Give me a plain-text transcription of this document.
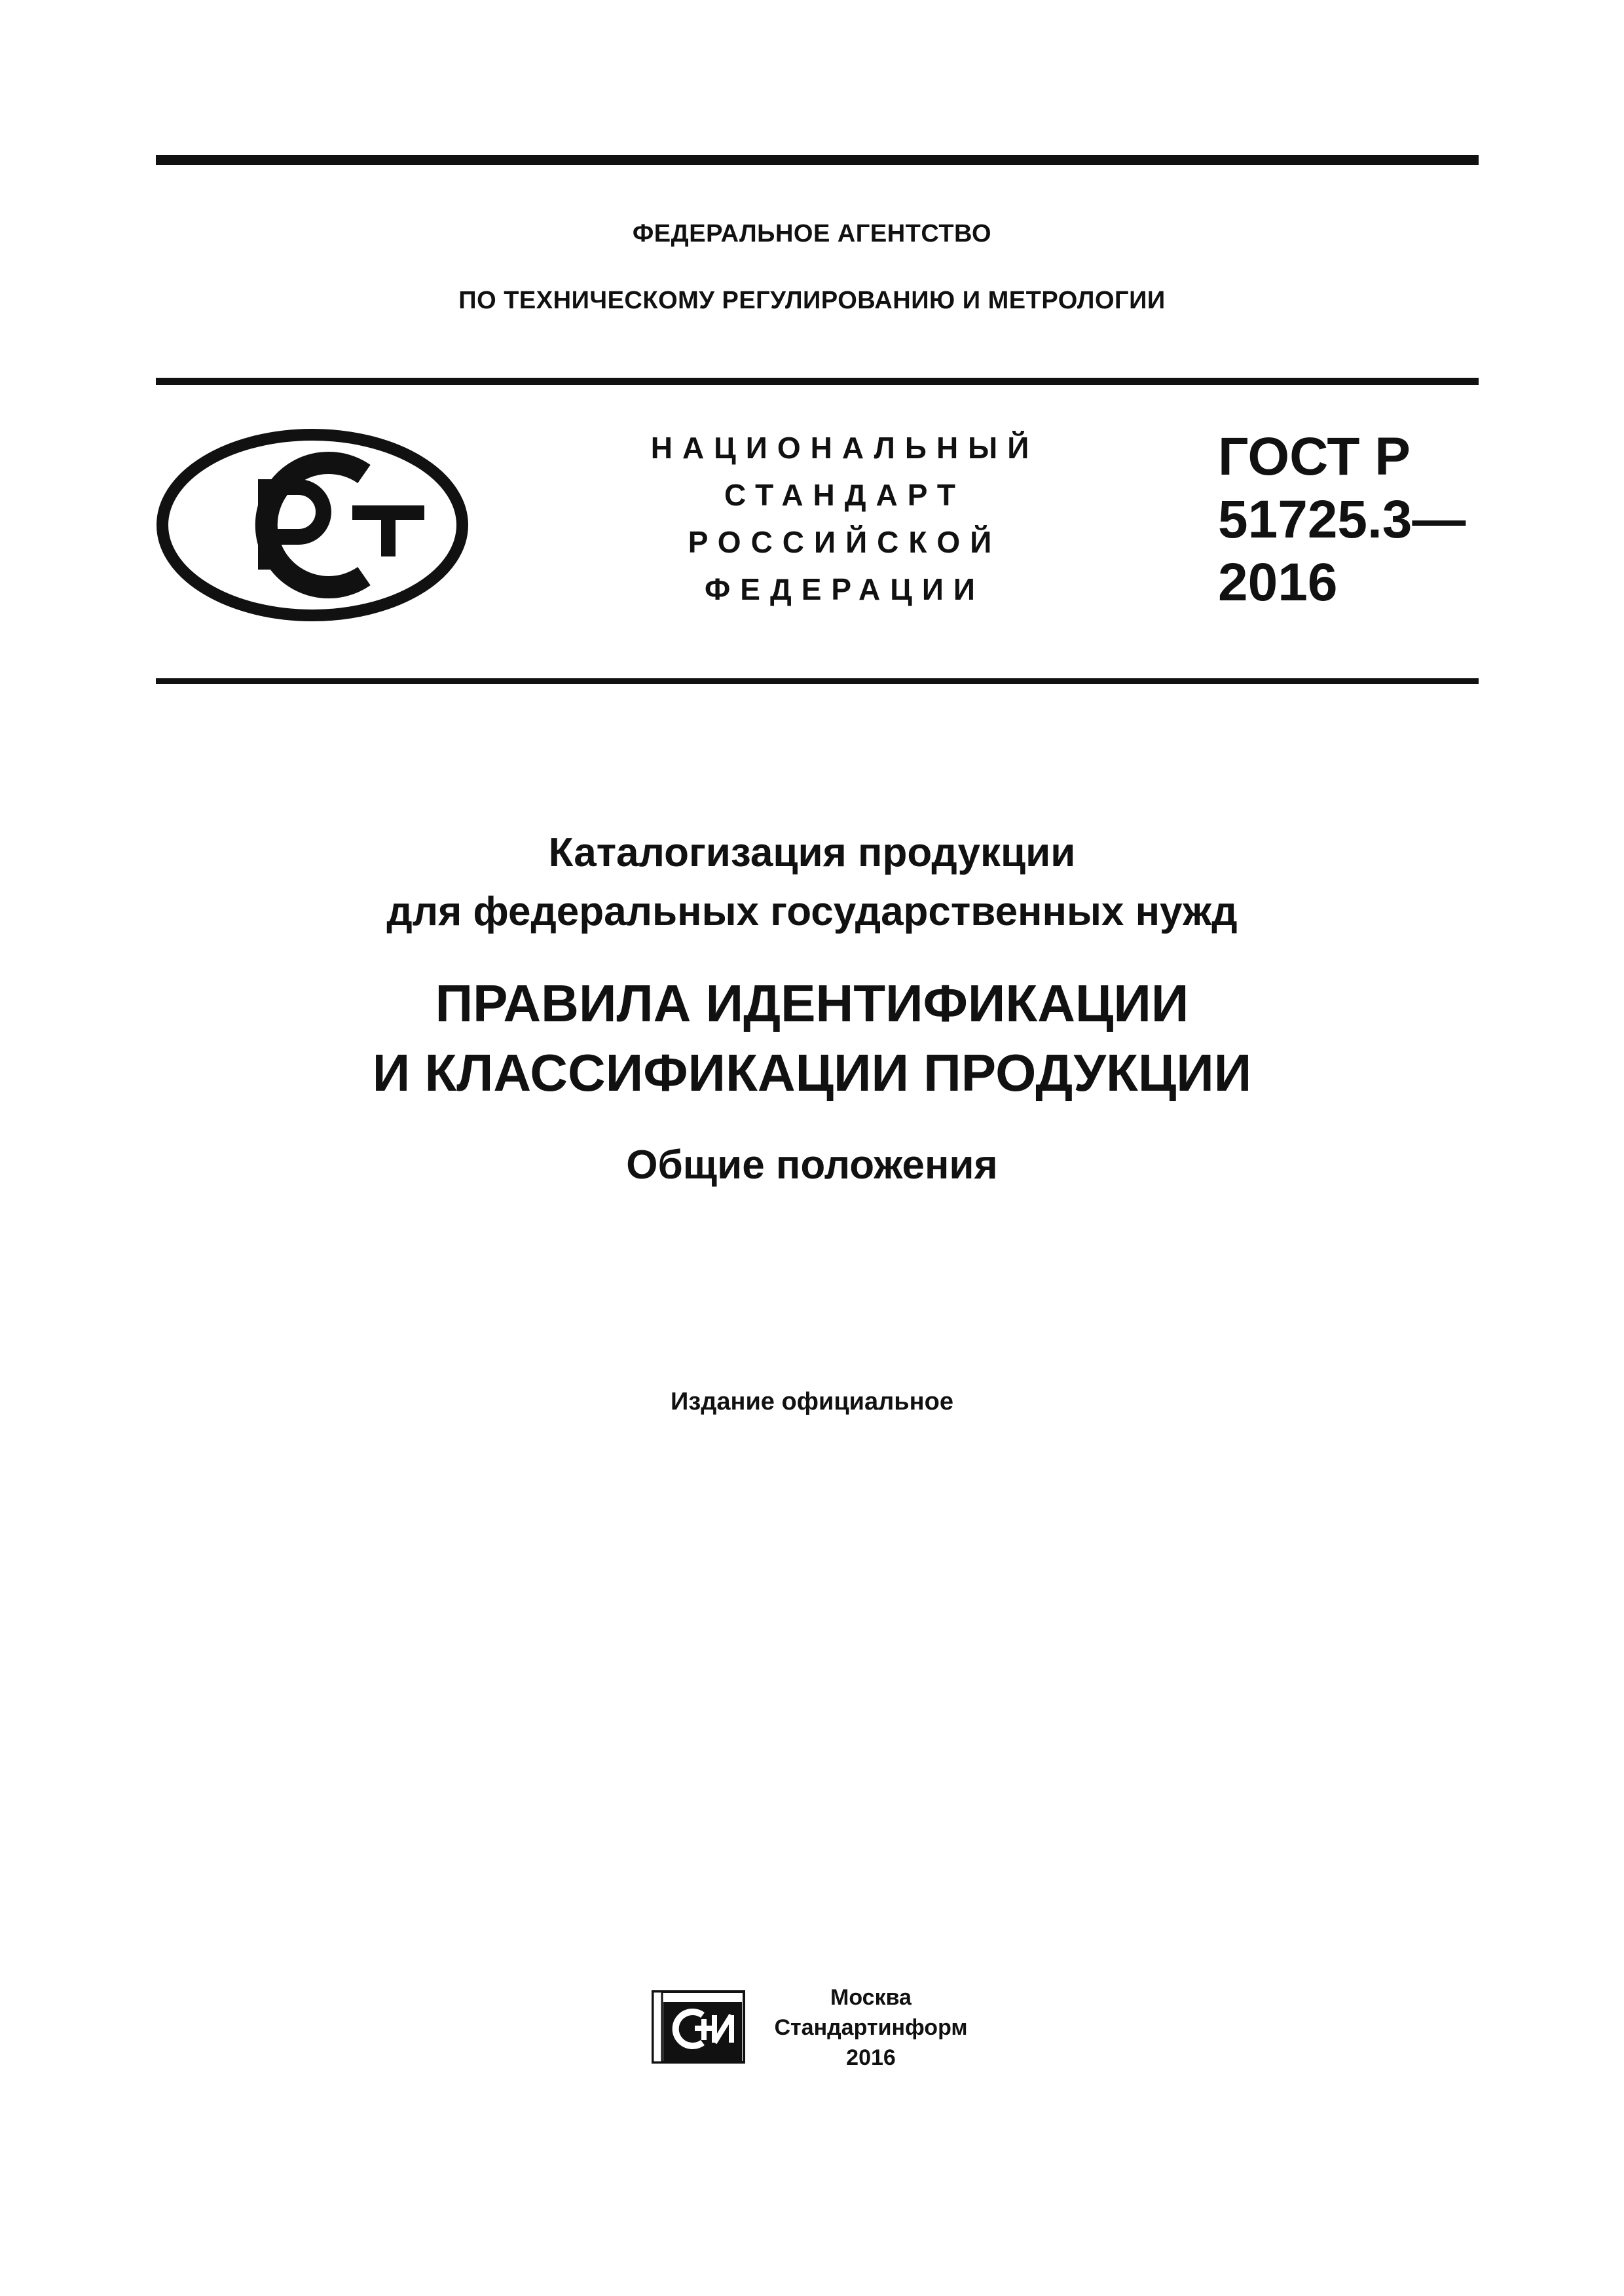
ФЕДЕРАЛЬНОЕ АГЕНТСТВО
ПО ТЕХНИЧЕСКОМУ РЕГУЛИРОВАНИЮ И МЕТРОЛОГИИ
НАЦИОНАЛЬНЫЙ
СТАНДАРТ
РОССИЙСКОЙ
ФЕДЕРАЦИИ
ГОСТ Р
51725.3—
2016
Каталогизация продукции
для федеральных государственных нужд
ПРАВИЛА ИДЕНТИФИКАЦИИ
И КЛАССИФИКАЦИИ ПРОДУКЦИИ
Общие положения
Издание официальное
Москва
Стандартинформ
2016
